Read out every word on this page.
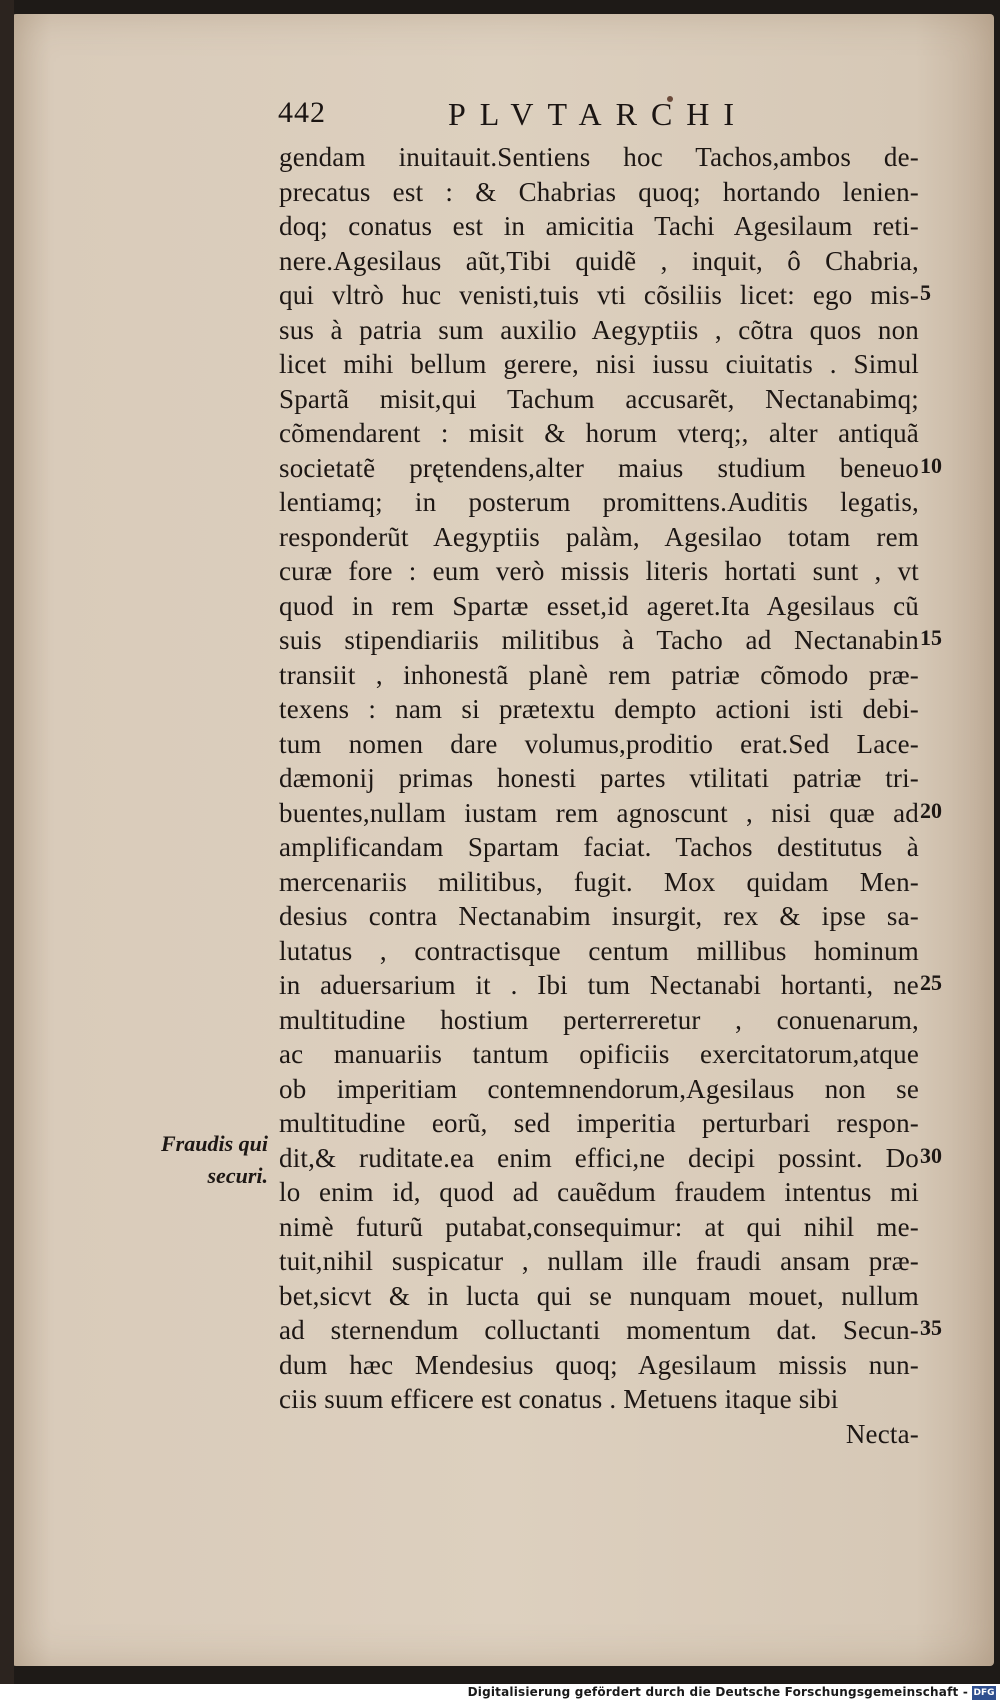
442	PLVTARCHI
gendam inuitauit.Sentiens hoc Tachos,ambos de-
precatus est : & Chabrias quoq; hortando lenien-
doq; conatus est in amicitia Tachi Agesilaum reti-
nere.Agesilaus aũt,Tibi quidẽ , inquit, ô Chabria,
qui vltrò huc venisti,tuis vti cõsiliis licet: ego mis-
sus à patria sum auxilio Aegyptiis , cõtra quos non
licet mihi bellum gerere, nisi iussu ciuitatis . Simul
Spartã misit,qui Tachum accusarẽt, Nectanabimq;
cõmendarent : misit & horum vterq;, alter antiquã
societatẽ prętendens,alter maius studium beneuo
lentiamq; in posterum promittens.Auditis legatis,
responderũt Aegyptiis palàm, Agesilao totam rem
curæ fore : eum verò missis literis hortati sunt , vt
quod in rem Spartæ esset,id ageret.Ita Agesilaus cũ
suis stipendiariis militibus à Tacho ad Nectanabin
transiit , inhonestã planè rem patriæ cõmodo præ-
texens : nam si prætextu dempto actioni isti debi-
tum nomen dare volumus,proditio erat.Sed Lace-
dæmonij primas honesti partes vtilitati patriæ tri-
buentes,nullam iustam rem agnoscunt , nisi quæ ad
amplificandam Spartam faciat. Tachos destitutus à
mercenariis militibus, fugit. Mox quidam Men-
desius contra Nectanabim insurgit, rex & ipse sa-
lutatus , contractisque centum millibus hominum
in aduersarium it . Ibi tum Nectanabi hortanti, ne
multitudine hostium perterreretur , conuenarum,
ac manuariis tantum opificiis exercitatorum,atque
ob imperitiam contemnendorum,Agesilaus non se
multitudine eorũ, sed imperitia perturbari respon-
dit,& ruditate.ea enim effici,ne decipi possint. Do
lo enim id, quod ad cauẽdum fraudem intentus mi
nimè futurũ putabat,consequimur: at qui nihil me-
tuit,nihil suspicatur , nullam ille fraudi ansam præ-
bet,sicvt & in lucta qui se nunquam mouet, nullum
ad sternendum colluctanti momentum dat. Secun-
dum hæc Mendesius quoq; Agesilaum missis nun-
ciis suum efficere est conatus . Metuens itaque sibi
Necta-
Fraudis qui
securi.
5
10
15
20
25
30
35
Digitalisierung gefördert durch die Deutsche Forschungsgemeinschaft - DFG
